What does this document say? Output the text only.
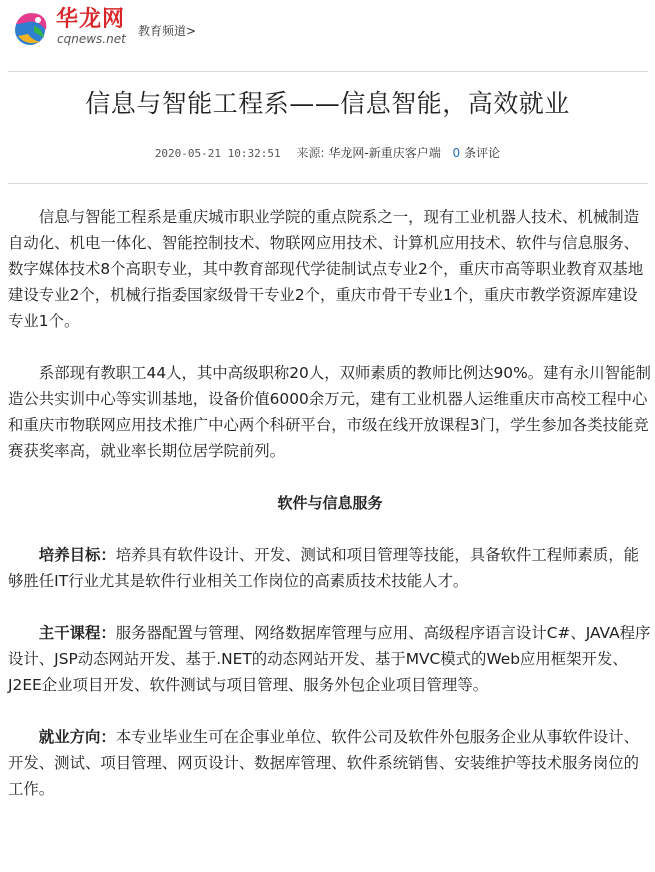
华龙网
cqnews.net
教育频道>
信息与智能工程系——信息智能，高效就业
2020-05-21 10:32:51 来源: 华龙网-新重庆客户端 0 条评论

信息与智能工程系是重庆城市职业学院的重点院系之一，现有工业机器人技术、机械制造自动化、机电一体化、智能控制技术、物联网应用技术、计算机应用技术、软件与信息服务、数字媒体技术8个高职专业，其中教育部现代学徒制试点专业2个，重庆市高等职业教育双基地建设专业2个，机械行指委国家级骨干专业2个，重庆市骨干专业1个，重庆市教学资源库建设专业1个。

系部现有教职工44人，其中高级职称20人，双师素质的教师比例达90%。建有永川智能制造公共实训中心等实训基地，设备价值6000余万元，建有工业机器人运维重庆市高校工程中心和重庆市物联网应用技术推广中心两个科研平台，市级在线开放课程3门，学生参加各类技能竞赛获奖率高，就业率长期位居学院前列。

软件与信息服务

培养目标：培养具有软件设计、开发、测试和项目管理等技能，具备软件工程师素质，能够胜任IT行业尤其是软件行业相关工作岗位的高素质技术技能人才。

主干课程：服务器配置与管理、网络数据库管理与应用、高级程序语言设计C#、JAVA程序设计、JSP动态网站开发、基于.NET的动态网站开发、基于MVC模式的Web应用框架开发、J2EE企业项目开发、软件测试与项目管理、服务外包企业项目管理等。

就业方向：本专业毕业生可在企事业单位、软件公司及软件外包服务企业从事软件设计、开发、测试、项目管理、网页设计、数据库管理、软件系统销售、安装维护等技术服务岗位的工作。
